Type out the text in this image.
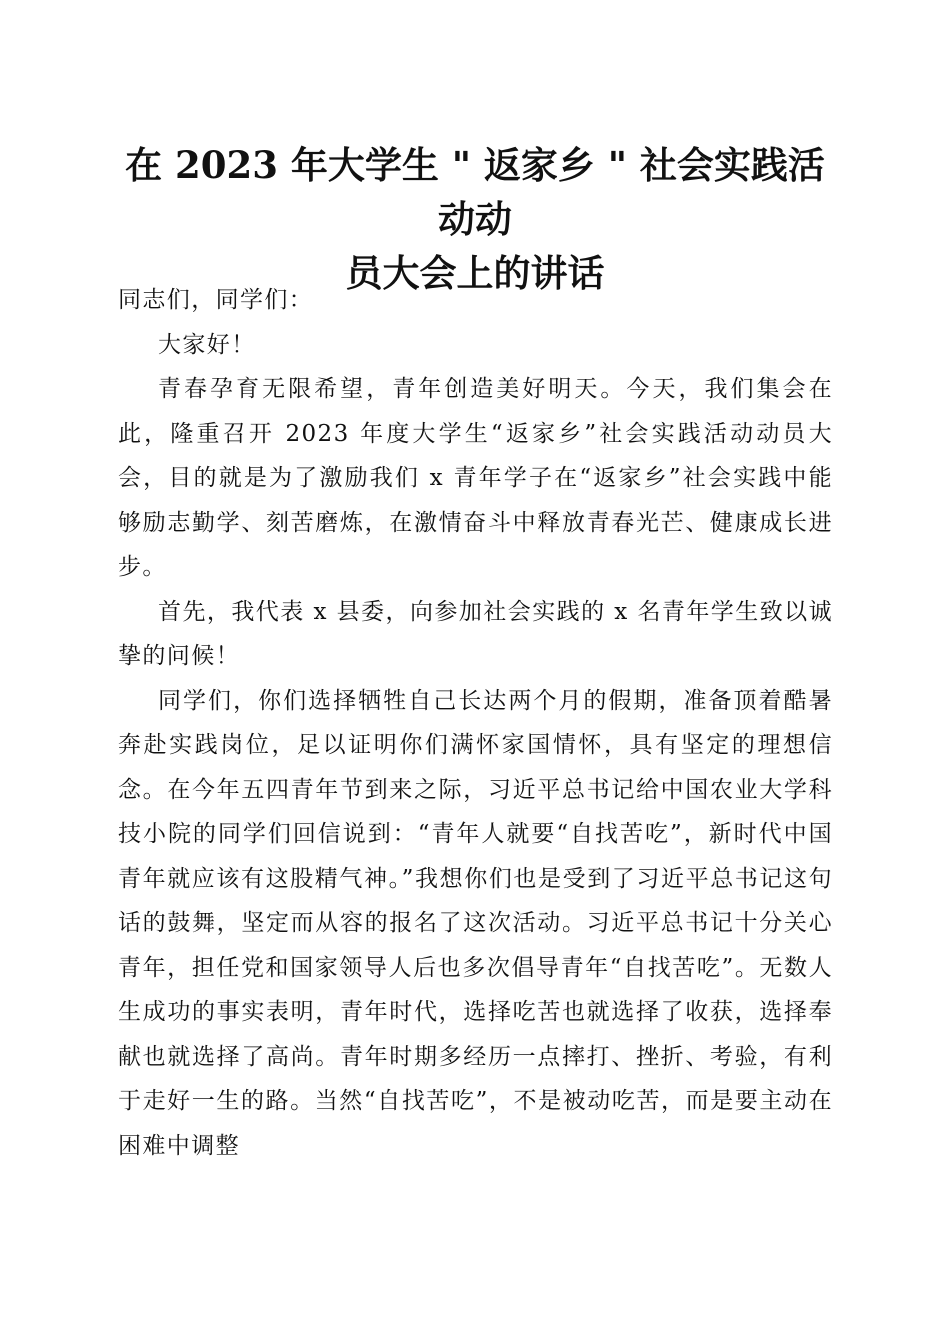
在 2023 年大学生 " 返家乡 " 社会实践活动动
员大会上的讲话

同志们，同学们：

大家好！

青春孕育无限希望，青年创造美好明天。今天，我们集会在此，隆重召开 2023 年度大学生“返家乡”社会实践活动动员大会，目的就是为了激励我们 x 青年学子在“返家乡”社会实践中能够励志勤学、刻苦磨炼，在激情奋斗中释放青春光芒、健康成长进步。

首先，我代表 x 县委，向参加社会实践的 x 名青年学生致以诚挚的问候！

同学们，你们选择牺牲自己长达两个月的假期，准备顶着酷暑奔赴实践岗位，足以证明你们满怀家国情怀，具有坚定的理想信念。在今年五四青年节到来之际，习近平总书记给中国农业大学科技小院的同学们回信说到：“青年人就要“自找苦吃”，新时代中国青年就应该有这股精气神。”我想你们也是受到了习近平总书记这句话的鼓舞，坚定而从容的报名了这次活动。习近平总书记十分关心青年，担任党和国家领导人后也多次倡导青年“自找苦吃”。无数人生成功的事实表明，青年时代，选择吃苦也就选择了收获，选择奉献也就选择了高尚。青年时期多经历一点摔打、挫折、考验，有利于走好一生的路。当然“自找苦吃”，不是被动吃苦，而是要主动在困难中调整
